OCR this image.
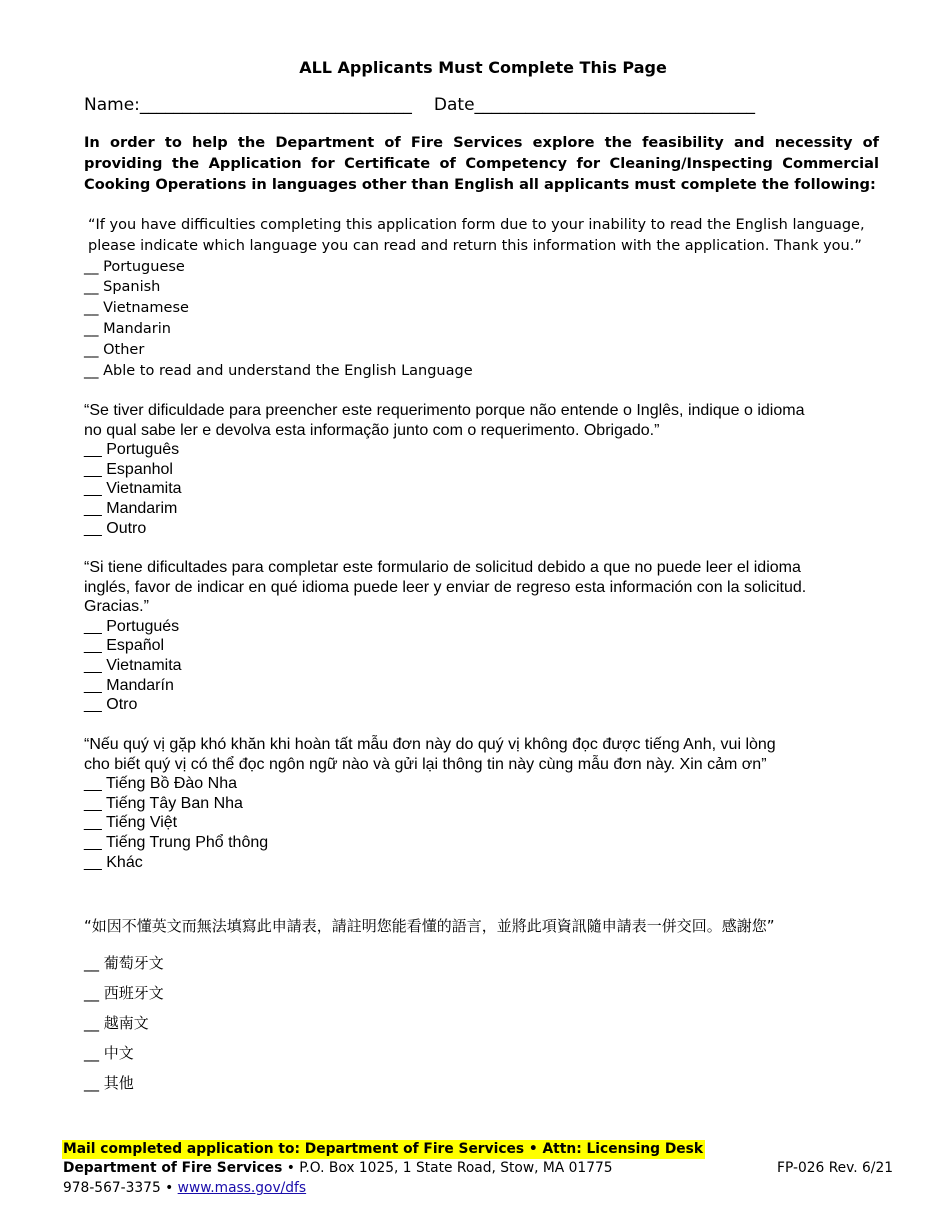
ALL Applicants Must Complete This Page
Name:________________________________ Date_________________________________

In order to help the Department of Fire Services explore the feasibility and necessity of providing the Application for Certificate of Competency for Cleaning/Inspecting Commercial Cooking Operations in languages other than English all applicants must complete the following:

“If you have difficulties completing this application form due to your inability to read the English language, please indicate which language you can read and return this information with the application. Thank you.”

__ Portuguese
__ Spanish
__ Vietnamese
__ Mandarin
__ Other
__ Able to read and understand the English Language

“Se tiver dificuldade para preencher este requerimento porque não entende o Inglês, indique o idioma no qual sabe ler e devolva esta informação junto com o requerimento. Obrigado.”

__ Português
__ Espanhol
__ Vietnamita
__ Mandarim
__ Outro

“Si tiene dificultades para completar este formulario de solicitud debido a que no puede leer el idioma inglés, favor de indicar en qué idioma puede leer y enviar de regreso esta información con la solicitud. Gracias.”

__ Portugués
__ Español
__ Vietnamita
__ Mandarín
__ Otro

“Nếu quý vị gặp khó khăn khi hoàn tất mẫu đơn này do quý vị không đọc được tiếng Anh, vui lòng cho biết quý vị có thể đọc ngôn ngữ nào và gửi lại thông tin này cùng mẫu đơn này. Xin cảm ơn”

__ Tiếng Bồ Đào Nha
__ Tiếng Tây Ban Nha
__ Tiếng Việt
__ Tiếng Trung Phổ thông
__ Khác

“如因不懂英文而無法填寫此申請表，請註明您能看懂的語言，並將此項資訊隨申請表一併交回。感謝您”

__ 葡萄牙文
__ 西班牙文
__ 越南文
__ 中文
__ 其他
Mail completed application to: Department of Fire Services • Attn: Licensing Desk
Department of Fire Services • P.O. Box 1025, 1 State Road, Stow, MA 01775
978-567-3375 • www.mass.gov/dfs
FP-026 Rev. 6/21
